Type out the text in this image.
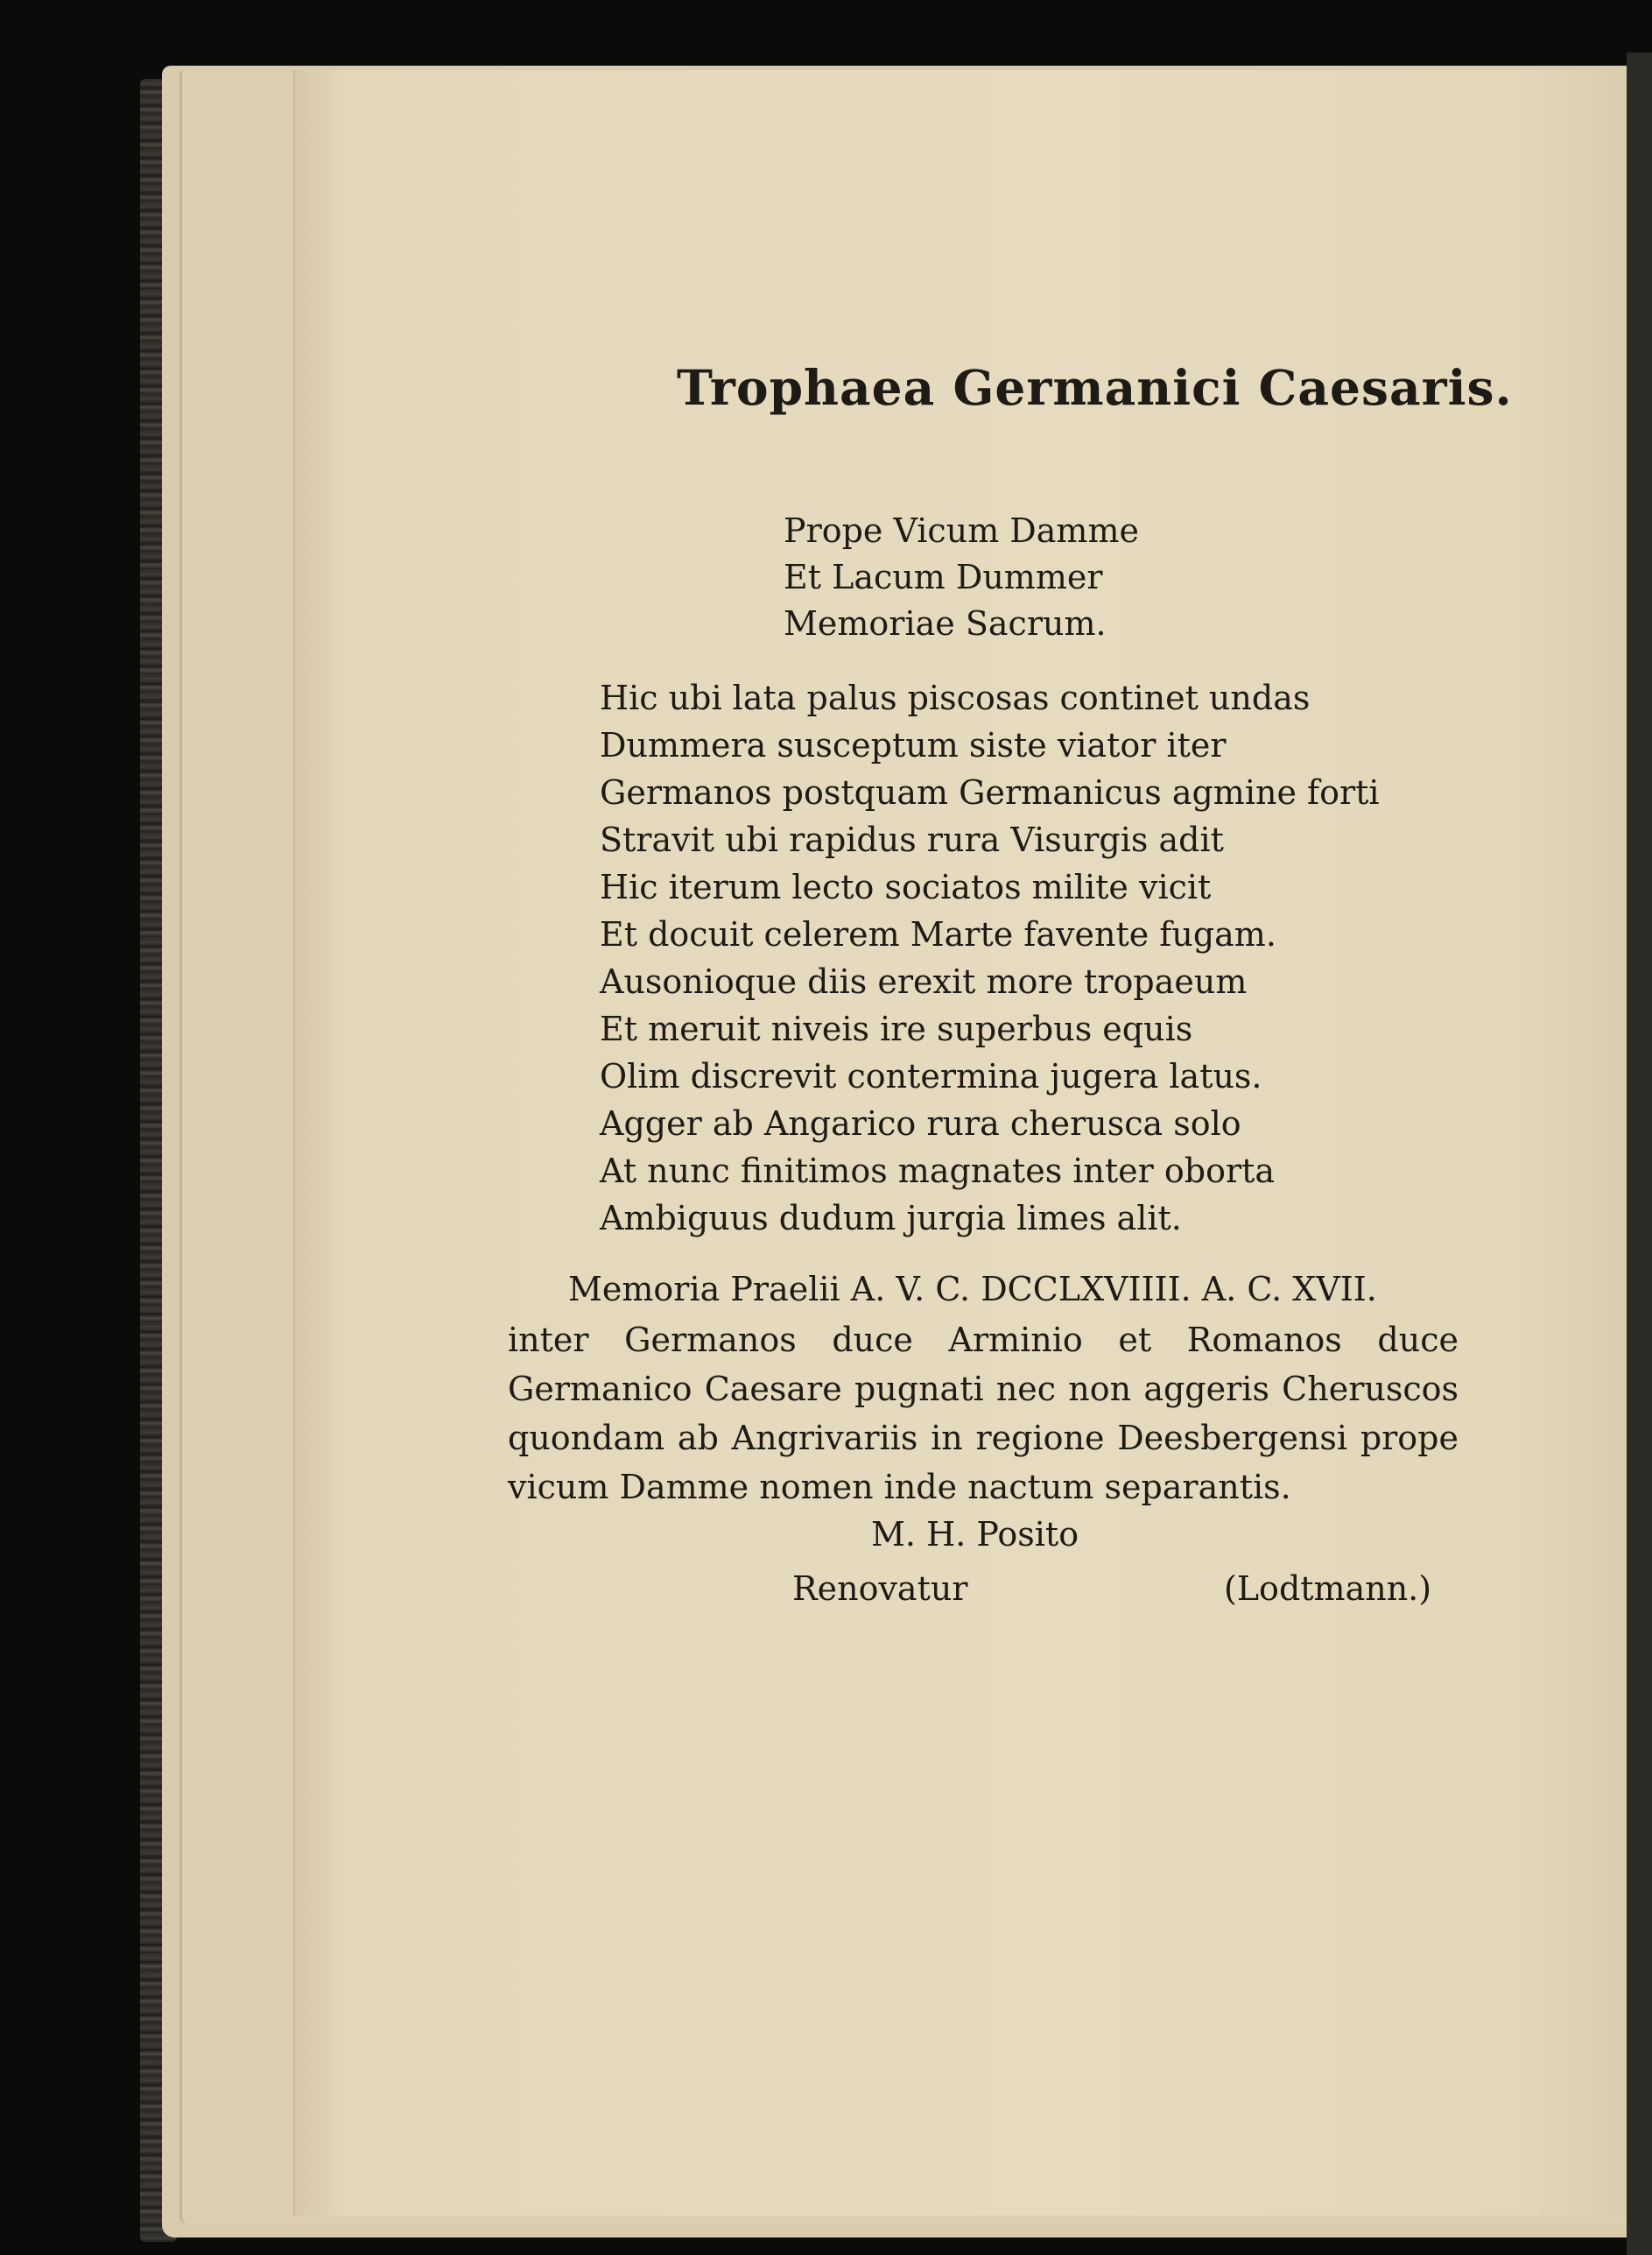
Trophaea Germanici Caesaris.
Prope Vicum Damme
Et Lacum Dummer
Memoriae Sacrum.
Hic ubi lata palus piscosas continet undas
Dummera susceptum siste viator iter
Germanos postquam Germanicus agmine forti
Stravit ubi rapidus rura Visurgis adit
Hic iterum lecto sociatos milite vicit
Et docuit celerem Marte favente fugam.
Ausonioque diis erexit more tropaeum
Et meruit niveis ire superbus equis
Olim discrevit contermina jugera latus.
Agger ab Angarico rura cherusca solo
At nunc finitimos magnates inter oborta
Ambiguus dudum jurgia limes alit.

Memoria Praelii A. V. C. DCCLXVIIII. A. C. XVII.

inter Germanos duce Arminio et Romanos duce Germanico Caesare pugnati nec non aggeris Cheruscos quondam ab Angrivariis in regione Deesbergensi prope vicum Damme nomen inde nactum separantis.

M. H. Posito

Renovatur	(Lodtmann.)
